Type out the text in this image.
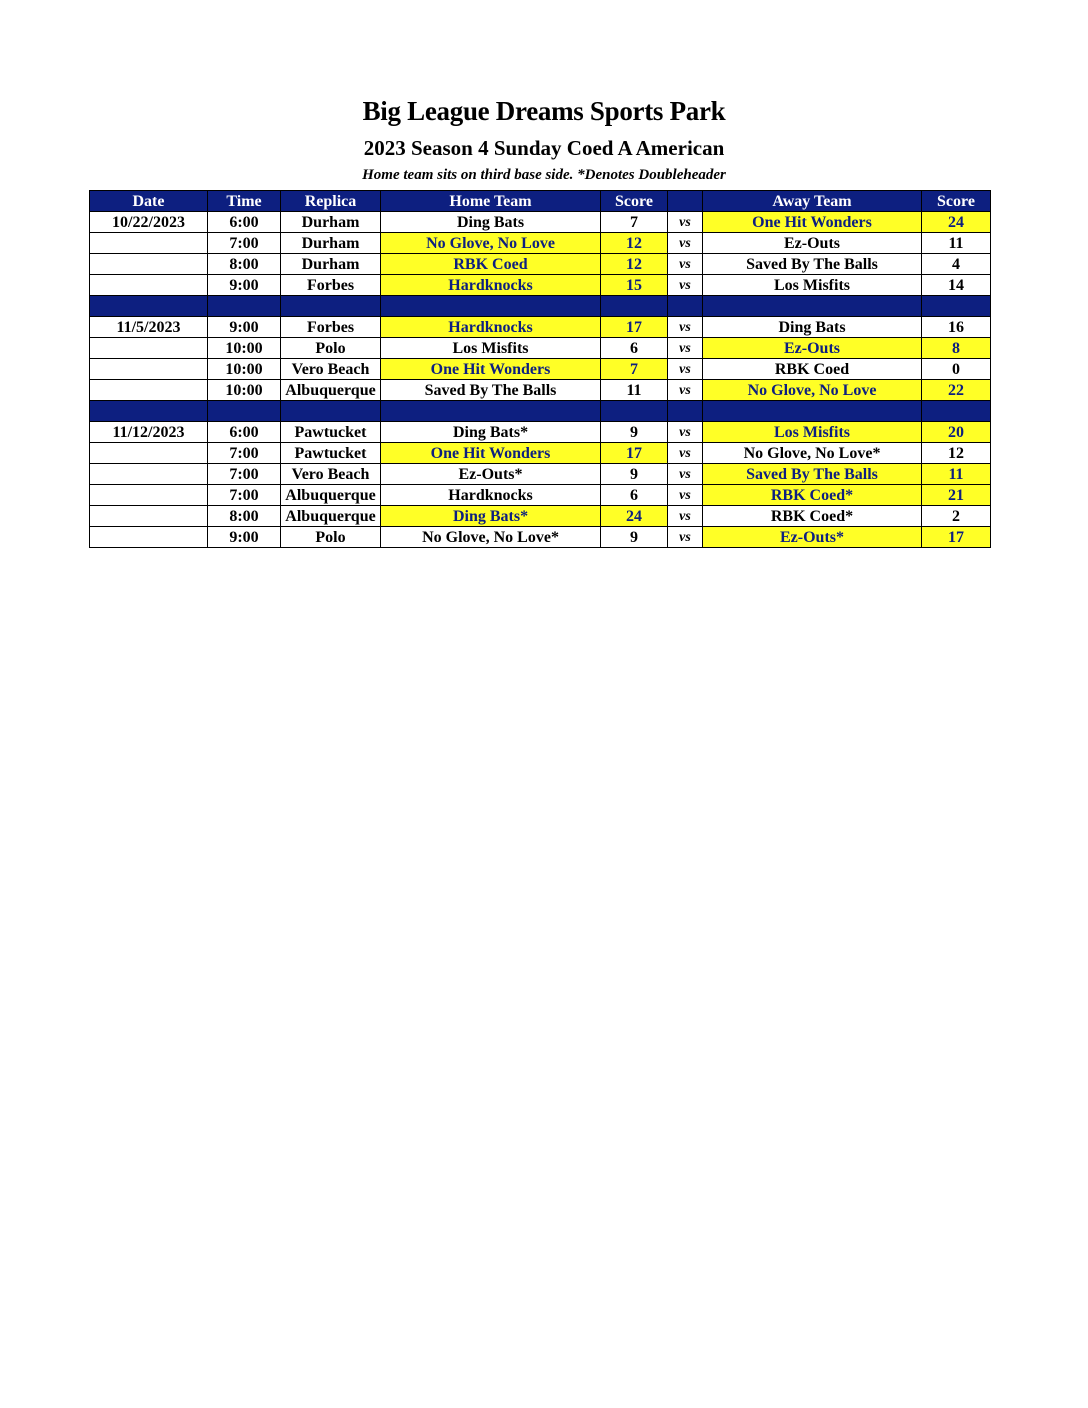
Big League Dreams Sports Park
2023 Season 4 Sunday Coed A American
Home team sits on third base side. *Denotes Doubleheader
Date	Time	Replica	Home Team	Score		Away Team	Score
10/22/2023	6:00	Durham	Ding Bats	7	vs	One Hit Wonders	24
	7:00	Durham	No Glove, No Love	12	vs	Ez-Outs	11
	8:00	Durham	RBK Coed	12	vs	Saved By The Balls	4
	9:00	Forbes	Hardknocks	15	vs	Los Misfits	14

11/5/2023	9:00	Forbes	Hardknocks	17	vs	Ding Bats	16
	10:00	Polo	Los Misfits	6	vs	Ez-Outs	8
	10:00	Vero Beach	One Hit Wonders	7	vs	RBK Coed	0
	10:00	Albuquerque	Saved By The Balls	11	vs	No Glove, No Love	22

11/12/2023	6:00	Pawtucket	Ding Bats*	9	vs	Los Misfits	20
	7:00	Pawtucket	One Hit Wonders	17	vs	No Glove, No Love*	12
	7:00	Vero Beach	Ez-Outs*	9	vs	Saved By The Balls	11
	7:00	Albuquerque	Hardknocks	6	vs	RBK Coed*	21
	8:00	Albuquerque	Ding Bats*	24	vs	RBK Coed*	2
	9:00	Polo	No Glove, No Love*	9	vs	Ez-Outs*	17
